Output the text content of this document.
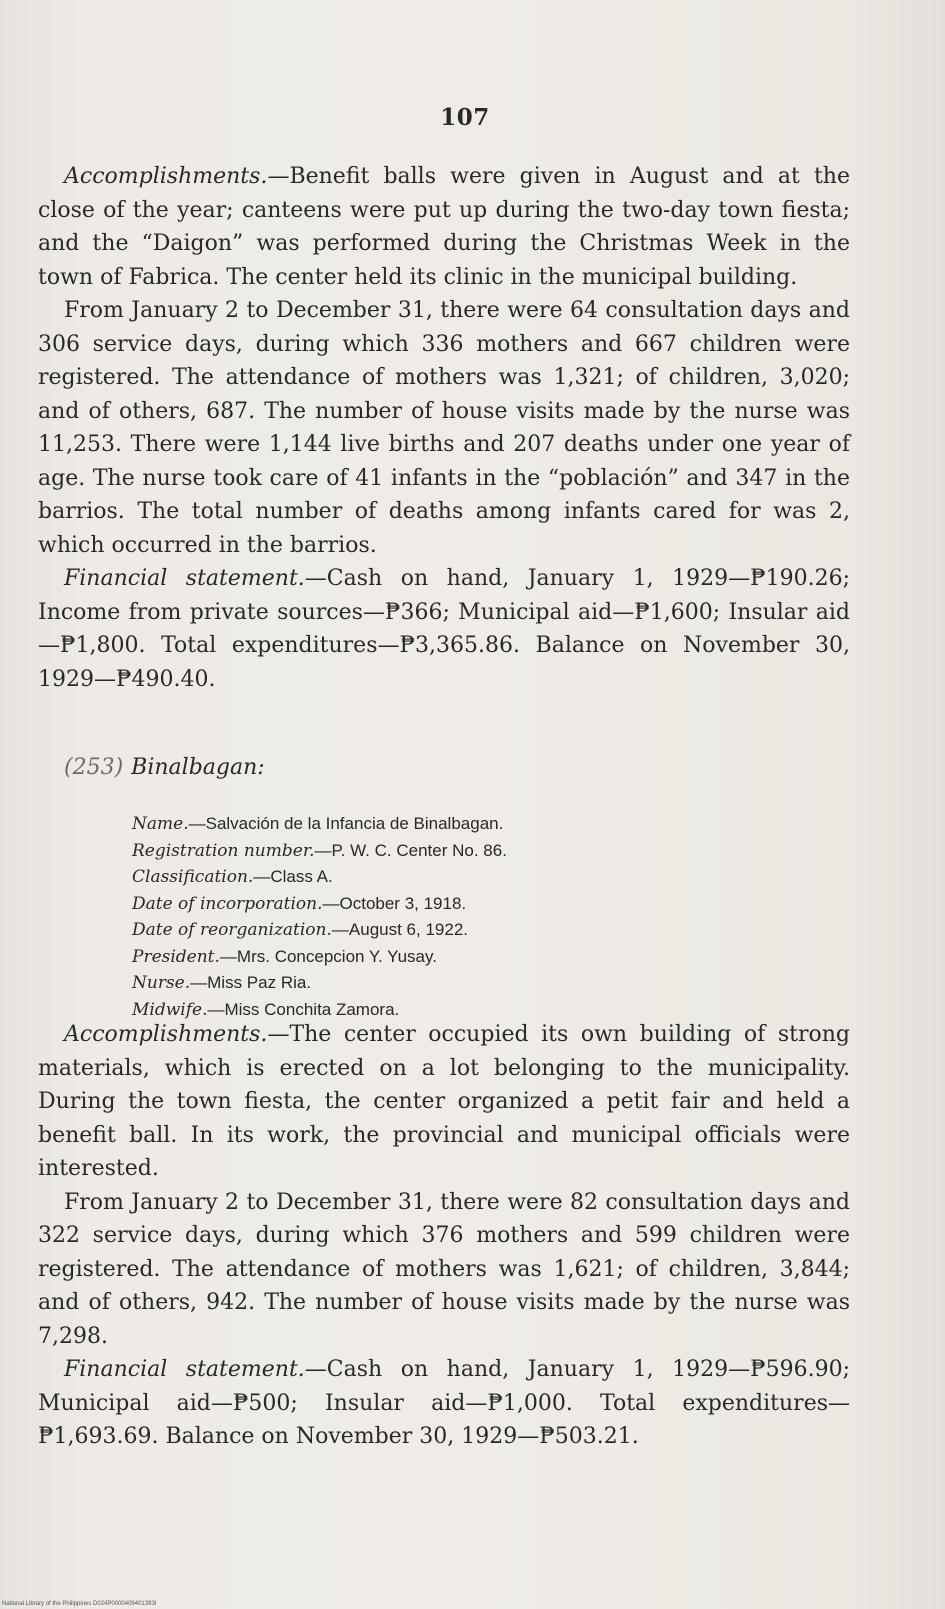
107

Accomplishments.—Benefit balls were given in August and at the close of the year; canteens were put up during the two-day town fiesta; and the “Daigon” was performed during the Christmas Week in the town of Fabrica. The center held its clinic in the municipal building.

From January 2 to December 31, there were 64 consultation days and 306 service days, during which 336 mothers and 667 children were registered. The attendance of mothers was 1,321; of children, 3,020; and of others, 687. The number of house visits made by the nurse was 11,253. There were 1,144 live births and 207 deaths under one year of age. The nurse took care of 41 infants in the “población” and 347 in the barrios. The total number of deaths among infants cared for was 2, which occurred in the barrios.

Financial statement.—Cash on hand, January 1, 1929—₱190.26; Income from private sources—₱366; Municipal aid—₱1,600; Insular aid—₱1,800. Total expenditures—₱3,365.86. Balance on November 30, 1929—₱490.40.

(253) Binalbagan:
Name.—Salvación de la Infancia de Binalbagan.
Registration number.—P. W. C. Center No. 86.
Classification.—Class A.
Date of incorporation.—October 3, 1918.
Date of reorganization.—August 6, 1922.
President.—Mrs. Concepcion Y. Yusay.
Nurse.—Miss Paz Ria.
Midwife.—Miss Conchita Zamora.

Accomplishments.—The center occupied its own building of strong materials, which is erected on a lot belonging to the municipality. During the town fiesta, the center organized a petit fair and held a benefit ball. In its work, the provincial and municipal officials were interested.

From January 2 to December 31, there were 82 consultation days and 322 service days, during which 376 mothers and 599 children were registered. The attendance of mothers was 1,621; of children, 3,844; and of others, 942. The number of house visits made by the nurse was 7,298.

Financial statement.—Cash on hand, January 1, 1929—₱596.90; Municipal aid—₱500; Insular aid—₱1,000. Total expenditures—₱1,693.69. Balance on November 30, 1929—₱503.21.

National Library of the Philippines D024P0000409401393I
